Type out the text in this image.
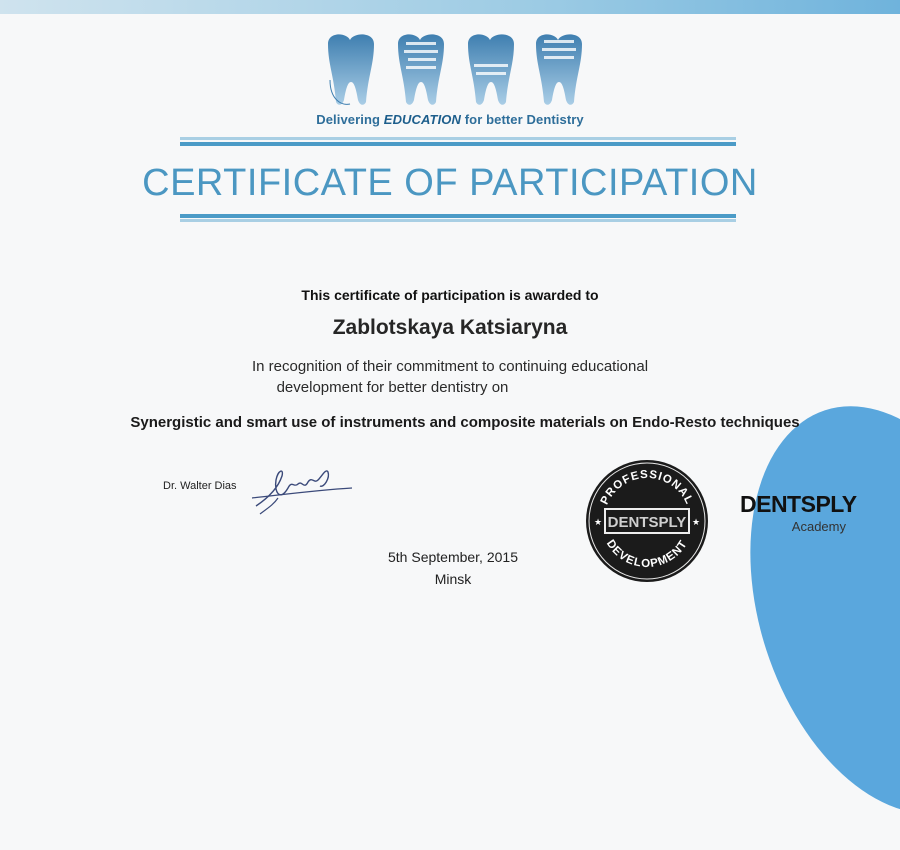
Delivering EDUCATION for better Dentistry
CERTIFICATE OF PARTICIPATION
This certificate of participation is awarded to
Zablotskaya Katsiaryna
In recognition of their commitment to continuing educational
development for better dentistry on
Synergistic and smart use of instruments and composite materials on Endo-Resto techniques
Dr. Walter Dias
5th September, 2015
Minsk
DENTSPLY
PROFESSIONAL
DEVELOPMENT
★	★
DENTSPLY
Academy
